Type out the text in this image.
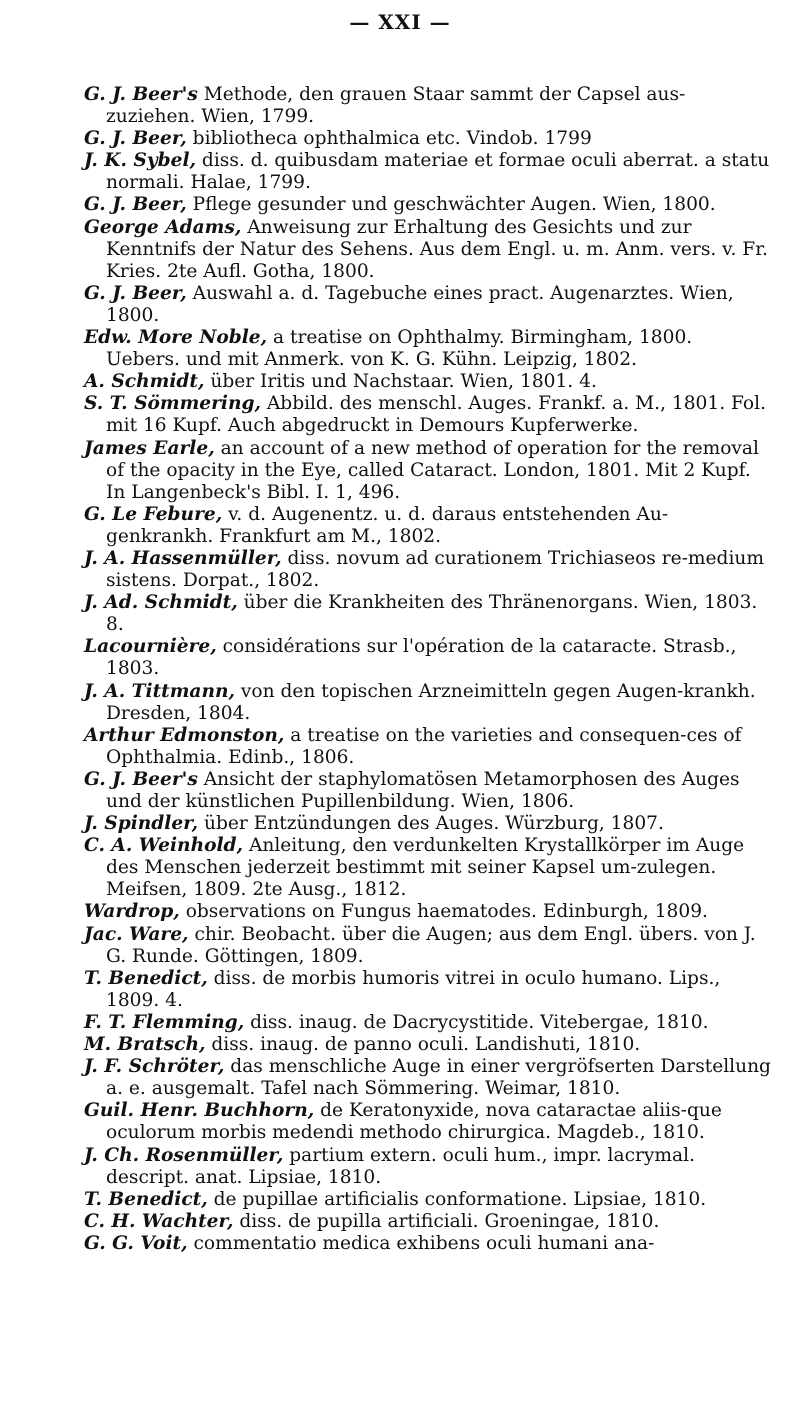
— XXI —

G. J. Beer's Methode, den grauen Staar sammt der Capsel aus-zuziehen. Wien, 1799.

G. J. Beer, bibliotheca ophthalmica etc. Vindob. 1799

J. K. Sybel, diss. d. quibusdam materiae et formae oculi aberrat. a statu normali. Halae, 1799.

G. J. Beer, Pflege gesunder und geschwächter Augen. Wien, 1800.

George Adams, Anweisung zur Erhaltung des Gesichts und zur Kenntnifs der Natur des Sehens. Aus dem Engl. u. m. Anm. vers. v. Fr. Kries. 2te Aufl. Gotha, 1800.

G. J. Beer, Auswahl a. d. Tagebuche eines pract. Augenarztes. Wien, 1800.

Edw. More Noble, a treatise on Ophthalmy. Birmingham, 1800. Uebers. und mit Anmerk. von K. G. Kühn. Leipzig, 1802.

A. Schmidt, über Iritis und Nachstaar. Wien, 1801. 4.

S. T. Sömmering, Abbild. des menschl. Auges. Frankf. a. M., 1801. Fol. mit 16 Kupf. Auch abgedruckt in Demours Kupferwerke.

James Earle, an account of a new method of operation for the removal of the opacity in the Eye, called Cataract. London, 1801. Mit 2 Kupf. In Langenbeck's Bibl. I. 1, 496.

G. Le Febure, v. d. Augenentz. u. d. daraus entstehenden Au-genkrankh. Frankfurt am M., 1802.

J. A. Hassenmüller, diss. novum ad curationem Trichiaseos re-medium sistens. Dorpat., 1802.

J. Ad. Schmidt, über die Krankheiten des Thränenorgans. Wien, 1803. 8.

Lacournière, considérations sur l'opération de la cataracte. Strasb., 1803.

J. A. Tittmann, von den topischen Arzneimitteln gegen Augen-krankh. Dresden, 1804.

Arthur Edmonston, a treatise on the varieties and consequen-ces of Ophthalmia. Edinb., 1806.

G. J. Beer's Ansicht der staphylomatösen Metamorphosen des Auges und der künstlichen Pupillenbildung. Wien, 1806.

J. Spindler, über Entzündungen des Auges. Würzburg, 1807.

C. A. Weinhold, Anleitung, den verdunkelten Krystallkörper im Auge des Menschen jederzeit bestimmt mit seiner Kapsel um-zulegen. Meifsen, 1809. 2te Ausg., 1812.

Wardrop, observations on Fungus haematodes. Edinburgh, 1809.

Jac. Ware, chir. Beobacht. über die Augen; aus dem Engl. übers. von J. G. Runde. Göttingen, 1809.

T. Benedict, diss. de morbis humoris vitrei in oculo humano. Lips., 1809. 4.

F. T. Flemming, diss. inaug. de Dacrycystitide. Vitebergae, 1810.

M. Bratsch, diss. inaug. de panno oculi. Landishuti, 1810.

J. F. Schröter, das menschliche Auge in einer vergröfserten Darstellung a. e. ausgemalt. Tafel nach Sömmering. Weimar, 1810.

Guil. Henr. Buchhorn, de Keratonyxide, nova cataractae aliis-que oculorum morbis medendi methodo chirurgica. Magdeb., 1810.

J. Ch. Rosenmüller, partium extern. oculi hum., impr. lacrymal. descript. anat. Lipsiae, 1810.

T. Benedict, de pupillae artificialis conformatione. Lipsiae, 1810.

C. H. Wachter, diss. de pupilla artificiali. Groeningae, 1810.

G. G. Voit, commentatio medica exhibens oculi humani ana-
